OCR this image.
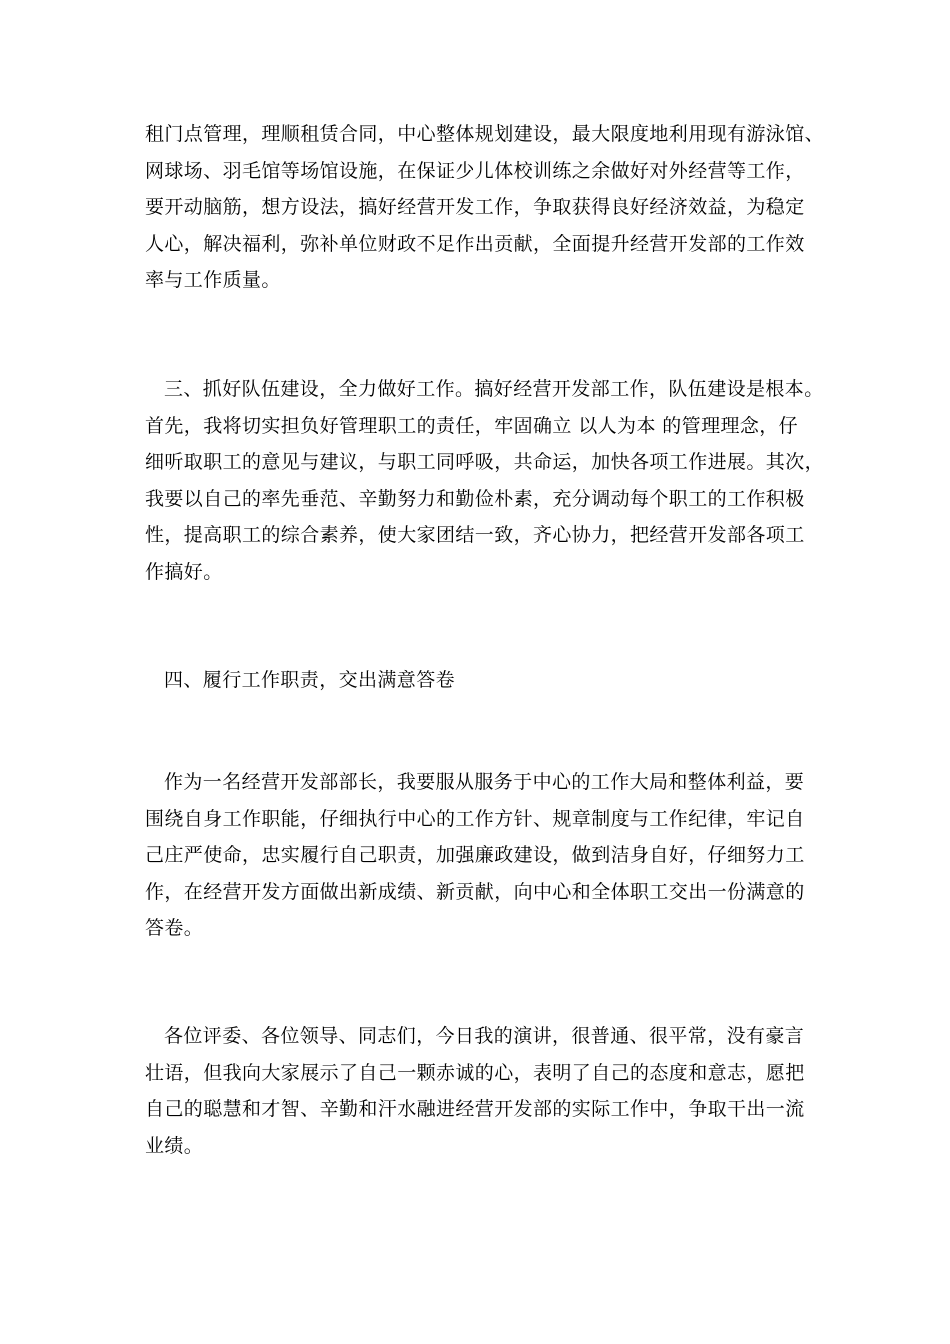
租门点管理，理顺租赁合同，中心整体规划建设，最大限度地利用现有游泳馆、
网球场、羽毛馆等场馆设施，在保证少儿体校训练之余做好对外经营等工作，
要开动脑筋，想方设法，搞好经营开发工作，争取获得良好经济效益，为稳定
人心，解决福利，弥补单位财政不足作出贡献，全面提升经营开发部的工作效
率与工作质量。
三、抓好队伍建设，全力做好工作。搞好经营开发部工作，队伍建设是根本。
首先，我将切实担负好管理职工的责任，牢固确立 以人为本 的管理理念，仔
细听取职工的意见与建议，与职工同呼吸，共命运，加快各项工作进展。其次，
我要以自己的率先垂范、辛勤努力和勤俭朴素，充分调动每个职工的工作积极
性，提高职工的综合素养，使大家团结一致，齐心协力，把经营开发部各项工
作搞好。
四、履行工作职责，交出满意答卷
作为一名经营开发部部长，我要服从服务于中心的工作大局和整体利益，要
围绕自身工作职能，仔细执行中心的工作方针、规章制度与工作纪律，牢记自
己庄严使命，忠实履行自己职责，加强廉政建设，做到洁身自好，仔细努力工
作，在经营开发方面做出新成绩、新贡献，向中心和全体职工交出一份满意的
答卷。
各位评委、各位领导、同志们，今日我的演讲，很普通、很平常，没有豪言
壮语，但我向大家展示了自己一颗赤诚的心，表明了自己的态度和意志，愿把
自己的聪慧和才智、辛勤和汗水融进经营开发部的实际工作中，争取干出一流
业绩。
